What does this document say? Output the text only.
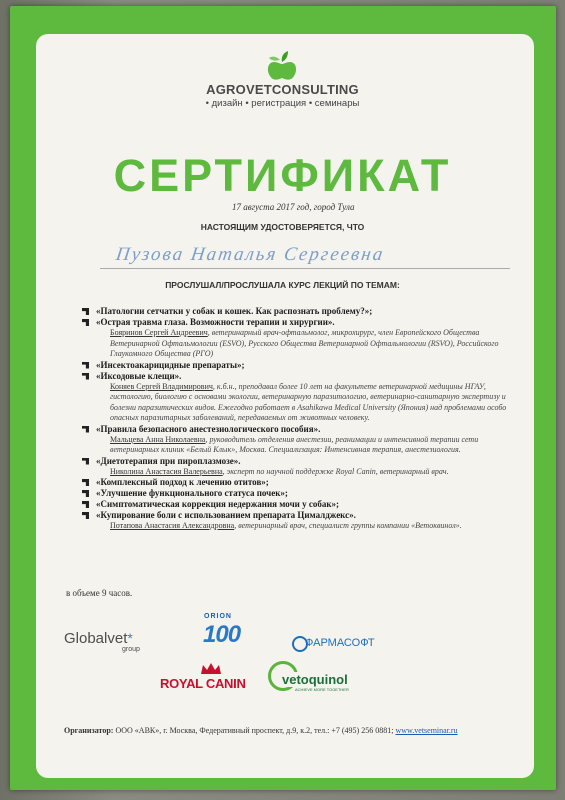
AGROVETCONSULTING
• дизайн • регистрация • семинары
СЕРТИФИКАТ
17 августа 2017 год, город Тула
НАСТОЯЩИМ УДОСТОВЕРЯЕТСЯ, ЧТО
Пузова Наталья Сергеевна
ПРОСЛУШАЛ/ПРОСЛУШАЛА КУРС ЛЕКЦИЙ ПО ТЕМАМ:
«Патологии сетчатки у собак и кошек. Как распознать проблему?»;
«Острая травма глаза. Возможности терапии и хирургии».
Бояринов Сергей Андреевич, ветеринарный врач-офтальмолог, микрохирург, член Европейского Общества Ветеринарной Офтальмологии (ESVO), Русского Общества Ветеринарной Офтальмологии (RSVO), Российского Глаукомного Общества (РГО)
«Инсектоакарицидные препараты»;
«Иксодовые клещи».
Коняев Сергей Владимирович, к.б.н., преподавал более 10 лет на факультете ветеринарной медицины НГАУ, гистологию, биологию с основами экологии, ветеринарную паразитологию, ветеринарно-санитарную экспертизу и болезни паразитических видов. Ежегодно работает в Asahikawa Medical University (Япония) над проблемами особо опасных паразитарных заболеваний, передаваемых от животных человеку.
«Правила безопасного анестезиологического пособия».
Мальцева Анна Николаевна, руководитель отделения анестезии, реанимации и интенсивной терапии сети ветеринарных клиник «Белый Клык», Москва. Специализация: Интенсивная терапия, анестезиология.
«Диетотерапия при пироплазмозе».
Николина Анастасия Валерьевна, эксперт по научной поддержке Royal Canin, ветеринарный врач.
«Комплексный подход к лечению отитов»;
«Улучшение функционального статуса почек»;
«Симптоматическая коррекция недержания мочи у собак»;
«Купирование боли с использованием препарата Цималджекс».
Потапова Анастасия Александровна, ветеринарный врач, специалист группы компании «Ветоквинол».
в объеме 9 часов.
Globalvet*
group
ORION
100	ФАРМАСОФТ
ROYAL CANIN	vetoquinol
ACHIEVE MORE TOGETHER
Организатор: ООО «АВК», г. Москва, Федеративный проспект, д.9, к.2, тел.: +7 (495) 256 0881; www.vetseminar.ru
